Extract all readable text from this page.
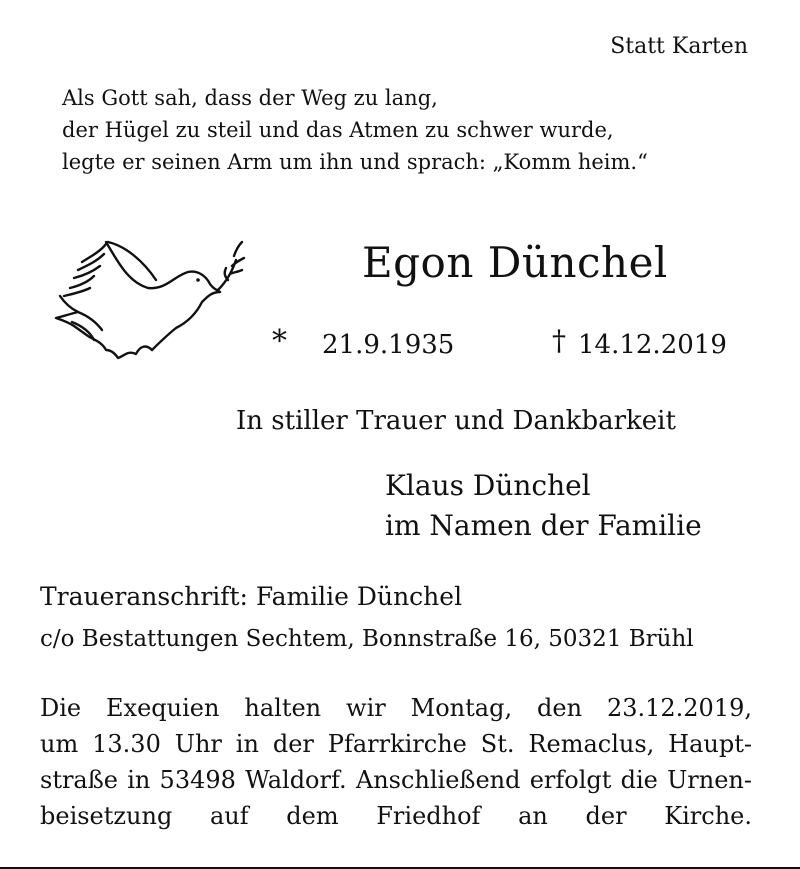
Statt Karten
Als Gott sah, dass der Weg zu lang,
der Hügel zu steil und das Atmen zu schwer wurde,
legte er seinen Arm um ihn und sprach: „Komm heim.“
Egon Dünchel
* 21.9.1935	† 14.12.2019
In stiller Trauer und Dankbarkeit
Klaus Dünchel
im Namen der Familie
Traueranschrift: Familie Dünchel
c/o Bestattungen Sechtem, Bonnstraße 16, 50321 Brühl
Die Exequien halten wir Montag, den 23.12.2019,
um 13.30 Uhr in der Pfarrkirche St. Remaclus, Haupt-
straße in 53498 Waldorf. Anschließend erfolgt die Urnen-
beisetzung auf dem Friedhof an der Kirche.
